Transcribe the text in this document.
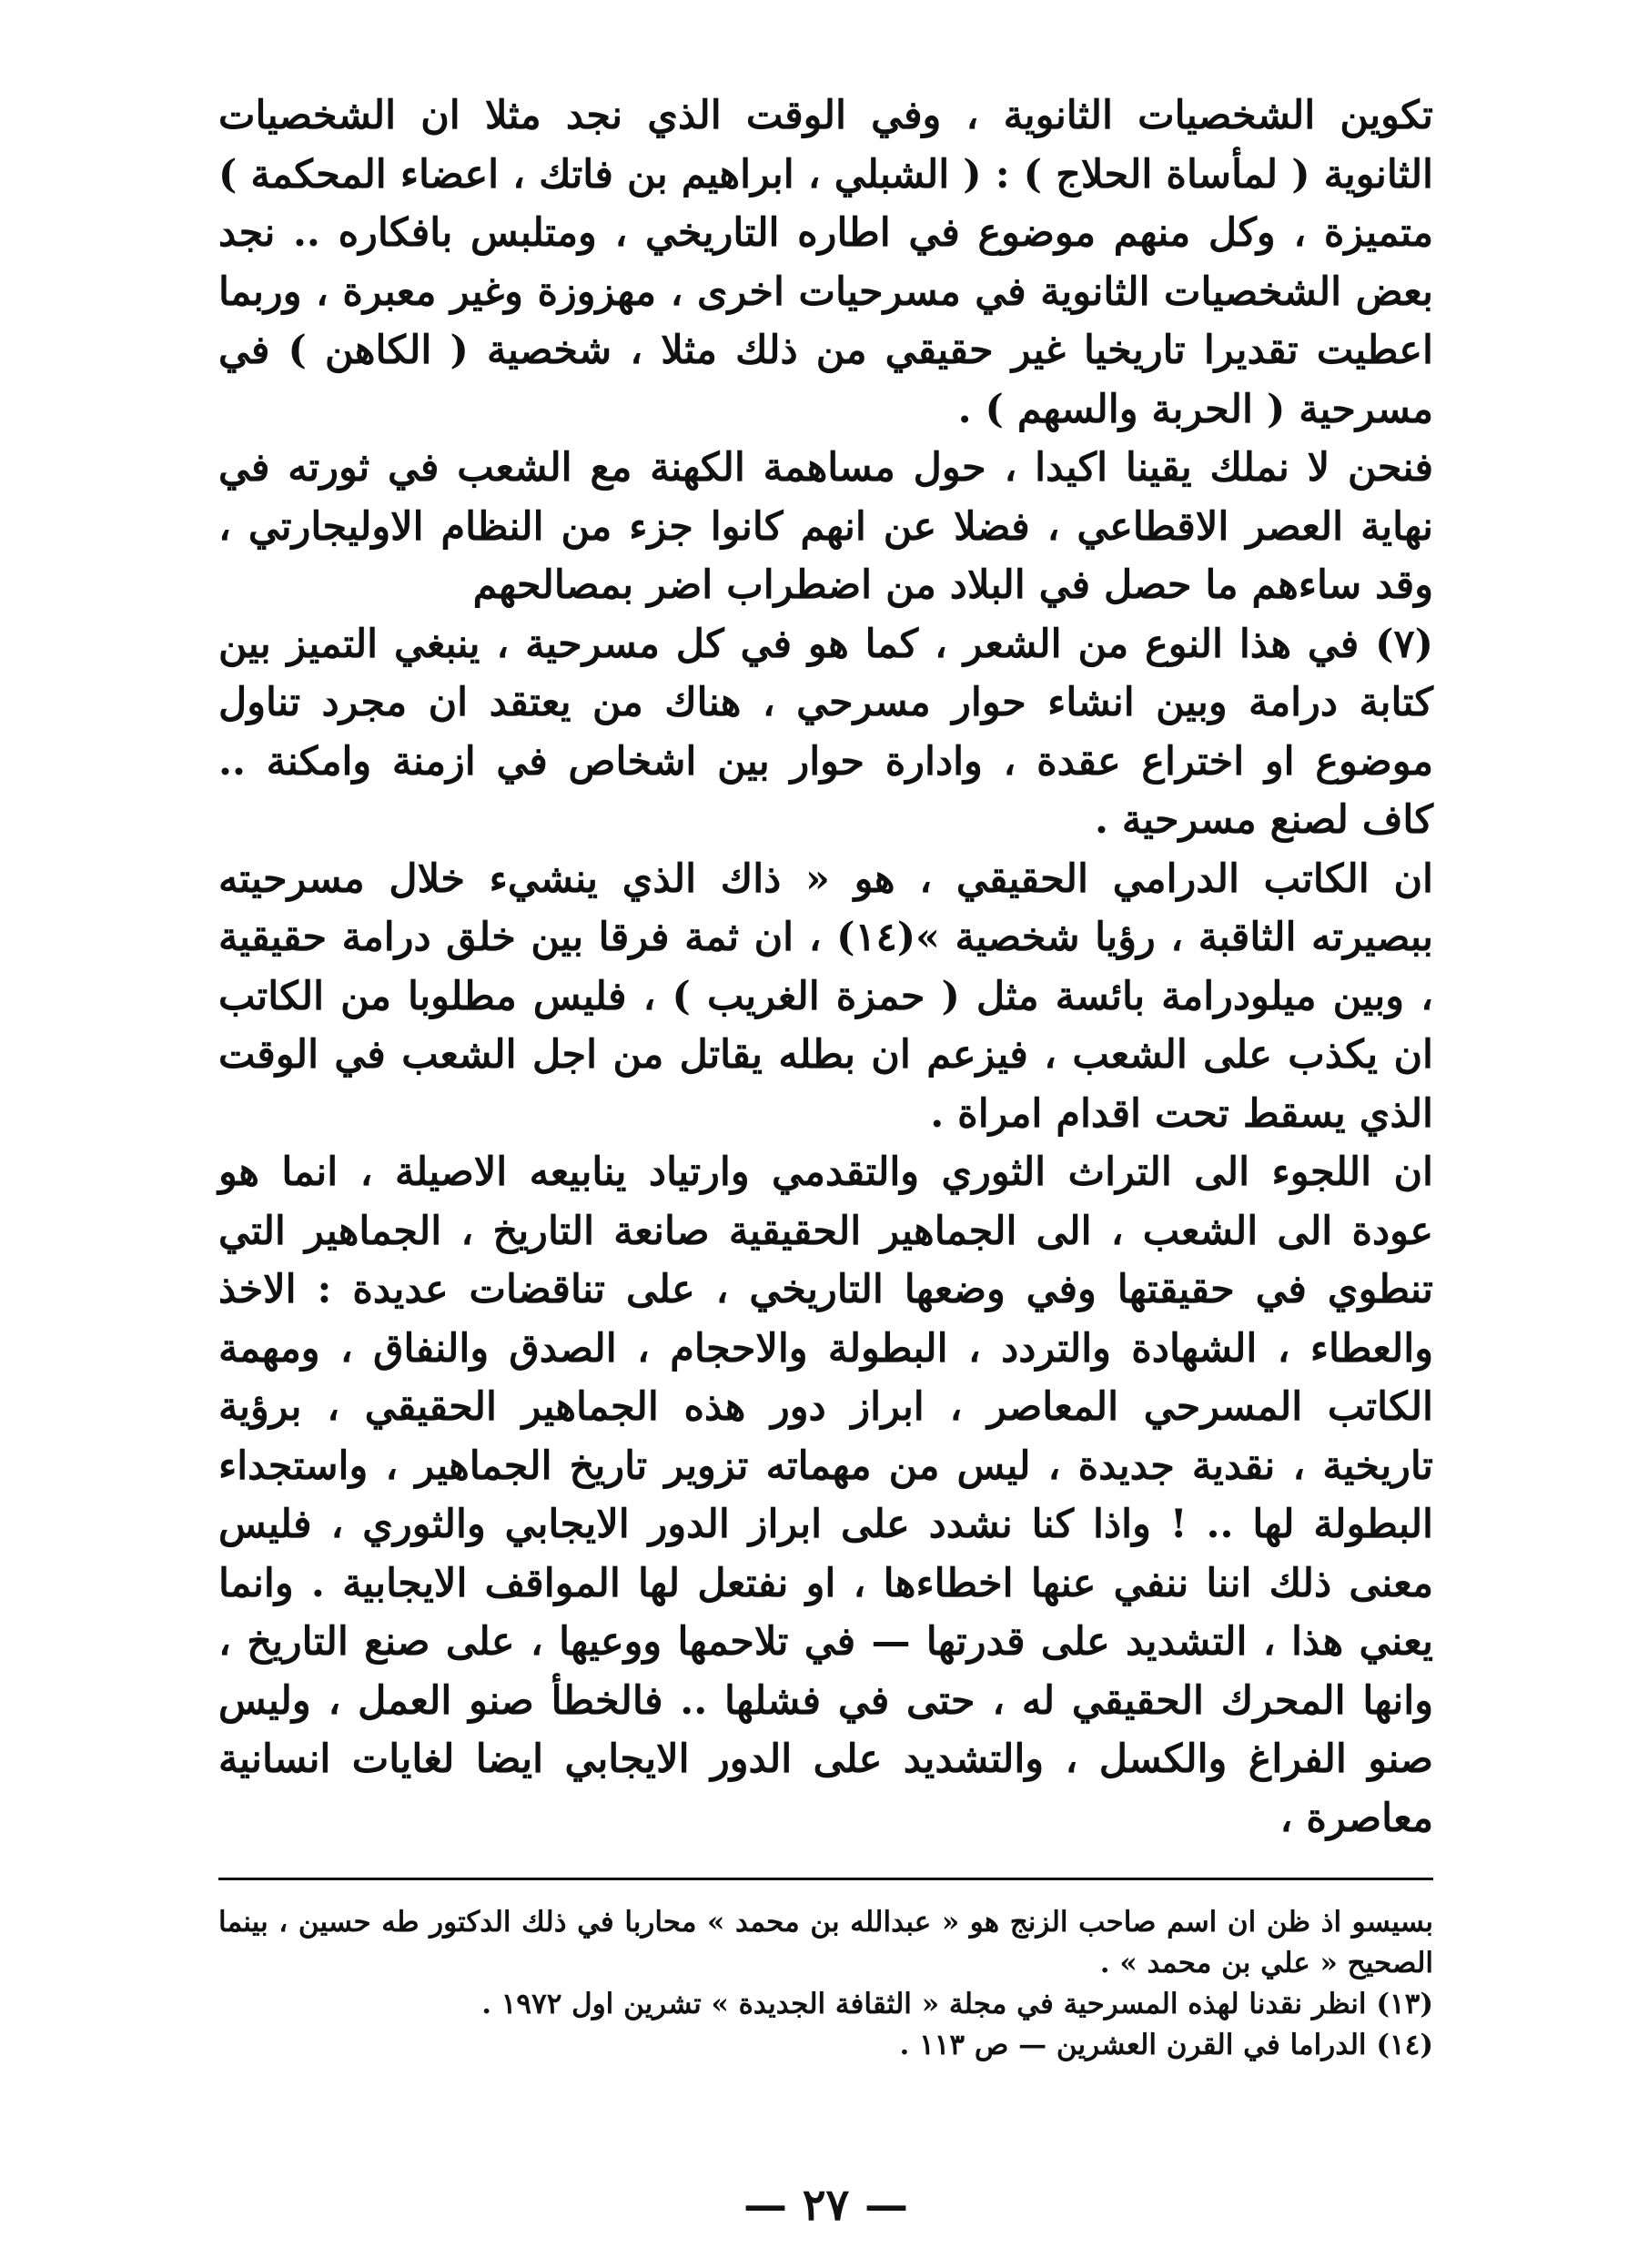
تكوين الشخصيات الثانوية ، وفي الوقت الذي نجد مثلا ان الشخصيات الثانوية ( لمأساة الحلاج ) : ( الشبلي ، ابراهيم بن فاتك ، اعضاء المحكمة ) متميزة ، وكل منهم موضوع في اطاره التاريخي ، ومتلبس بافكاره .. نجد بعض الشخصيات الثانوية في مسرحيات اخرى ، مهزوزة وغير معبرة ، وربما اعطيت تقديرا تاريخيا غير حقيقي من ذلك مثلا ، شخصية ( الكاهن ) في مسرحية ( الحربة والسهم ) .

فنحن لا نملك يقينا اكيدا ، حول مساهمة الكهنة مع الشعب في ثورته في نهاية العصر الاقطاعي ، فضلا عن انهم كانوا جزء من النظام الاوليجارتي ، وقد ساءهم ما حصل في البلاد من اضطراب اضر بمصالحهم

(٧) في هذا النوع من الشعر ، كما هو في كل مسرحية ، ينبغي التميز بين كتابة درامة وبين انشاء حوار مسرحي ، هناك من يعتقد ان مجرد تناول موضوع او اختراع عقدة ، وادارة حوار بين اشخاص في ازمنة وامكنة .. كاف لصنع مسرحية .

ان الكاتب الدرامي الحقيقي ، هو « ذاك الذي ينشيء خلال مسرحيته ببصيرته الثاقبة ، رؤيا شخصية »(١٤) ، ان ثمة فرقا بين خلق درامة حقيقية ، وبين ميلودرامة بائسة مثل ( حمزة الغريب ) ، فليس مطلوبا من الكاتب ان يكذب على الشعب ، فيزعم ان بطله يقاتل من اجل الشعب في الوقت الذي يسقط تحت اقدام امراة .

ان اللجوء الى التراث الثوري والتقدمي وارتياد ينابيعه الاصيلة ، انما هو عودة الى الشعب ، الى الجماهير الحقيقية صانعة التاريخ ، الجماهير التي تنطوي في حقيقتها وفي وضعها التاريخي ، على تناقضات عديدة : الاخذ والعطاء ، الشهادة والتردد ، البطولة والاحجام ، الصدق والنفاق ، ومهمة الكاتب المسرحي المعاصر ، ابراز دور هذه الجماهير الحقيقي ، برؤية تاريخية ، نقدية جديدة ، ليس من مهماته تزوير تاريخ الجماهير ، واستجداء البطولة لها .. ! واذا كنا نشدد على ابراز الدور الايجابي والثوري ، فليس معنى ذلك اننا ننفي عنها اخطاءها ، او نفتعل لها المواقف الايجابية . وانما يعني هذا ، التشديد على قدرتها — في تلاحمها ووعيها ، على صنع التاريخ ، وانها المحرك الحقيقي له ، حتى في فشلها .. فالخطأ صنو العمل ، وليس صنو الفراغ والكسل ، والتشديد على الدور الايجابي ايضا لغايات انسانية معاصرة ،

بسيسو اذ ظن ان اسم صاحب الزنج هو « عبدالله بن محمد » محاربا في ذلك الدكتور طه حسين ، بينما الصحيح « علي بن محمد » .

(١٣) انظر نقدنا لهذه المسرحية في مجلة « الثقافة الجديدة » تشرين اول ١٩٧٢ .

(١٤) الدراما في القرن العشرين — ص ١١٣ .

— ٢٧ —
